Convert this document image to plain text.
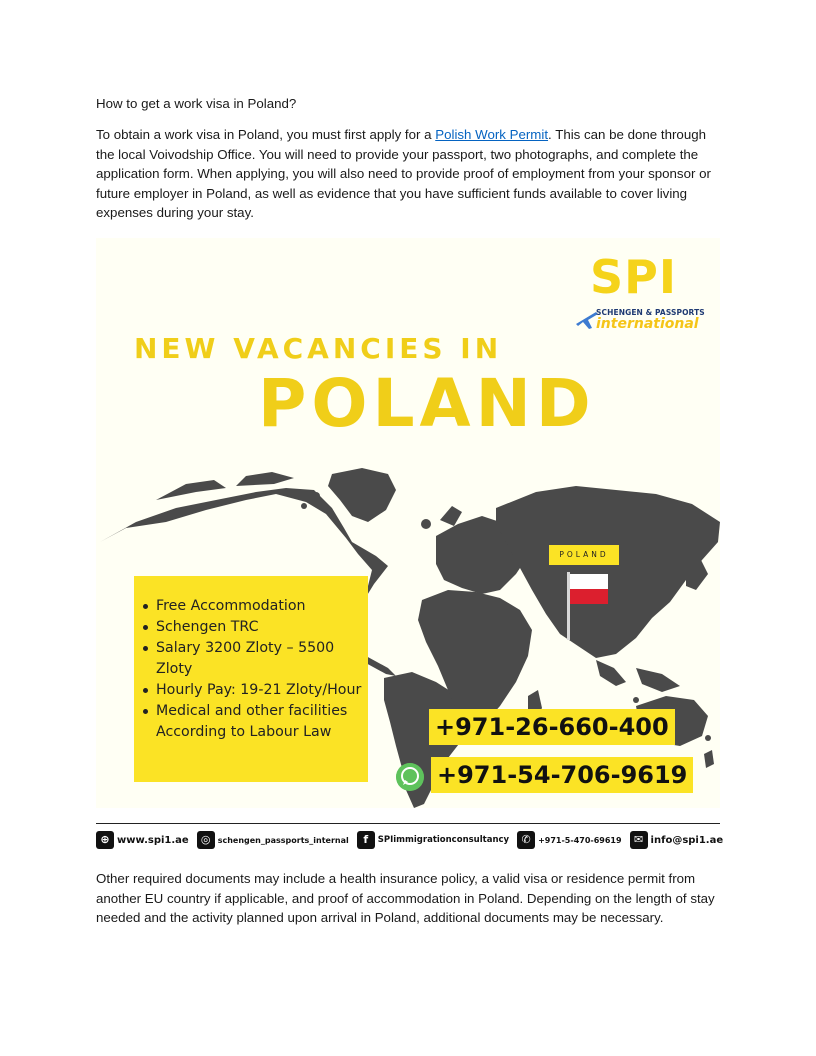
How to get a work visa in Poland?
To obtain a work visa in Poland, you must first apply for a Polish Work Permit. This can be done through the local Voivodship Office. You will need to provide your passport, two photographs, and complete the application form. When applying, you will also need to provide proof of employment from your sponsor or future employer in Poland, as well as evidence that you have sufficient funds available to cover living expenses during your stay.
SPI
SCHENGEN & PASSPORTS
international
NEW VACANCIES IN
POLAND
Free Accommodation
Schengen TRC
Salary 3200 Zloty – 5500 Zloty
Hourly Pay: 19-21 Zloty/Hour
Medical and other facilities According to Labour Law
POLAND
+971-26-660-400
+971-54-706-9619
⊕ www.spi1.ae	◎ schengen_passports_internal	f	SPIimmigrationconsultancy	✆ +971-5-470-69619	✉ info@spi1.ae
Other required documents may include a health insurance policy, a valid visa or residence permit from another EU country if applicable, and proof of accommodation in Poland. Depending on the length of stay needed and the activity planned upon arrival in Poland, additional documents may be necessary.
